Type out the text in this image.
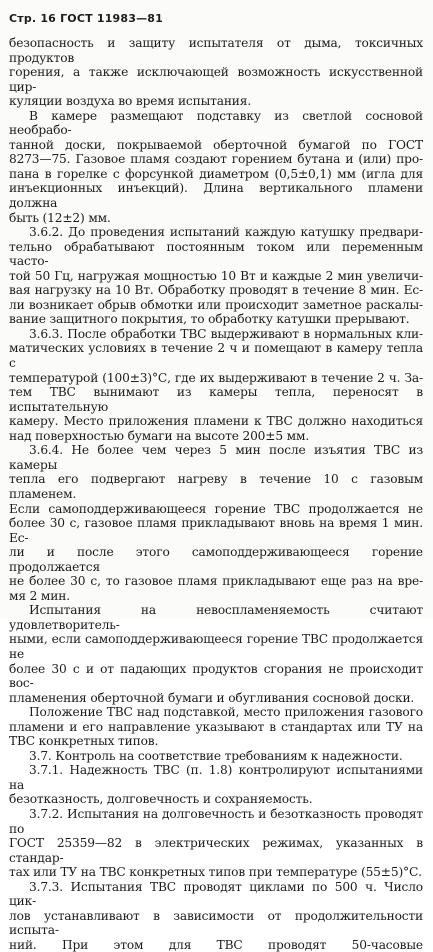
Стр. 16 ГОСТ 11983—81

безопасность и защиту испытателя от дыма, токсичных продуктов

горения, а также исключающей возможность искусственной цир-

куляции воздуха во время испытания.

В камере размещают подставку из светлой сосновой необрабо-

танной доски, покрываемой оберточной бумагой по ГОСТ

8273—75. Газовое пламя создают горением бутана и (или) про-

пана в горелке с форсункой диаметром (0,5±0,1) мм (игла для

инъекционных инъекций). Длина вертикального пламени должна

быть (12±2) мм.

3.6.2. До проведения испытаний каждую катушку предвари-

тельно обрабатывают постоянным током или переменным часто-

той 50 Гц, нагружая мощностью 10 Вт и каждые 2 мин увеличи-

вая нагрузку на 10 Вт. Обработку проводят в течение 8 мин. Ес-

ли возникает обрыв обмотки или происходит заметное раскалы-

вание защитного покрытия, то обработку катушки прерывают.

3.6.3. После обработки ТВС выдерживают в нормальных кли-

матических условиях в течение 2 ч и помещают в камеру тепла с

температурой (100±3)°С, где их выдерживают в течение 2 ч. За-

тем ТВС вынимают из камеры тепла, переносят в испытательную

камеру. Место приложения пламени к ТВС должно находиться

над поверхностью бумаги на высоте 200±5 мм.

3.6.4. Не более чем через 5 мин после изъятия ТВС из камеры

тепла его подвергают нагреву в течение 10 с газовым пламенем.

Если самоподдерживающееся горение ТВС продолжается не

более 30 с, газовое пламя прикладывают вновь на время 1 мин. Ес-

ли и после этого самоподдерживающееся горение продолжается

не более 30 с, то газовое пламя прикладывают еще раз на вре-

мя 2 мин.

Испытания на невоспламеняемость считают удовлетворитель-

ными, если самоподдерживающееся горение ТВС продолжается не

более 30 с и от падающих продуктов сгорания не происходит вос-

пламенения оберточной бумаги и обугливания сосновой доски.

Положение ТВС над подставкой, место приложения газового

пламени и его направление указывают в стандартах или ТУ на

ТВС конкретных типов.

3.7. Контроль на соответствие требованиям к надежности.

3.7.1. Надежность ТВС (п. 1.8) контролируют испытаниями на

безотказность, долговечность и сохраняемость.

3.7.2. Испытания на долговечность и безотказность проводят по

ГОСТ 25359—82 в электрических режимах, указанных в стандар-

тах или ТУ на ТВС конкретных типов при температуре (55±5)°С.

3.7.3. Испытания ТВС проводят циклами по 500 ч. Число цик-

лов устанавливают в зависимости от продолжительности испыта-

ний. При этом для ТВС проводят 50-часовые
